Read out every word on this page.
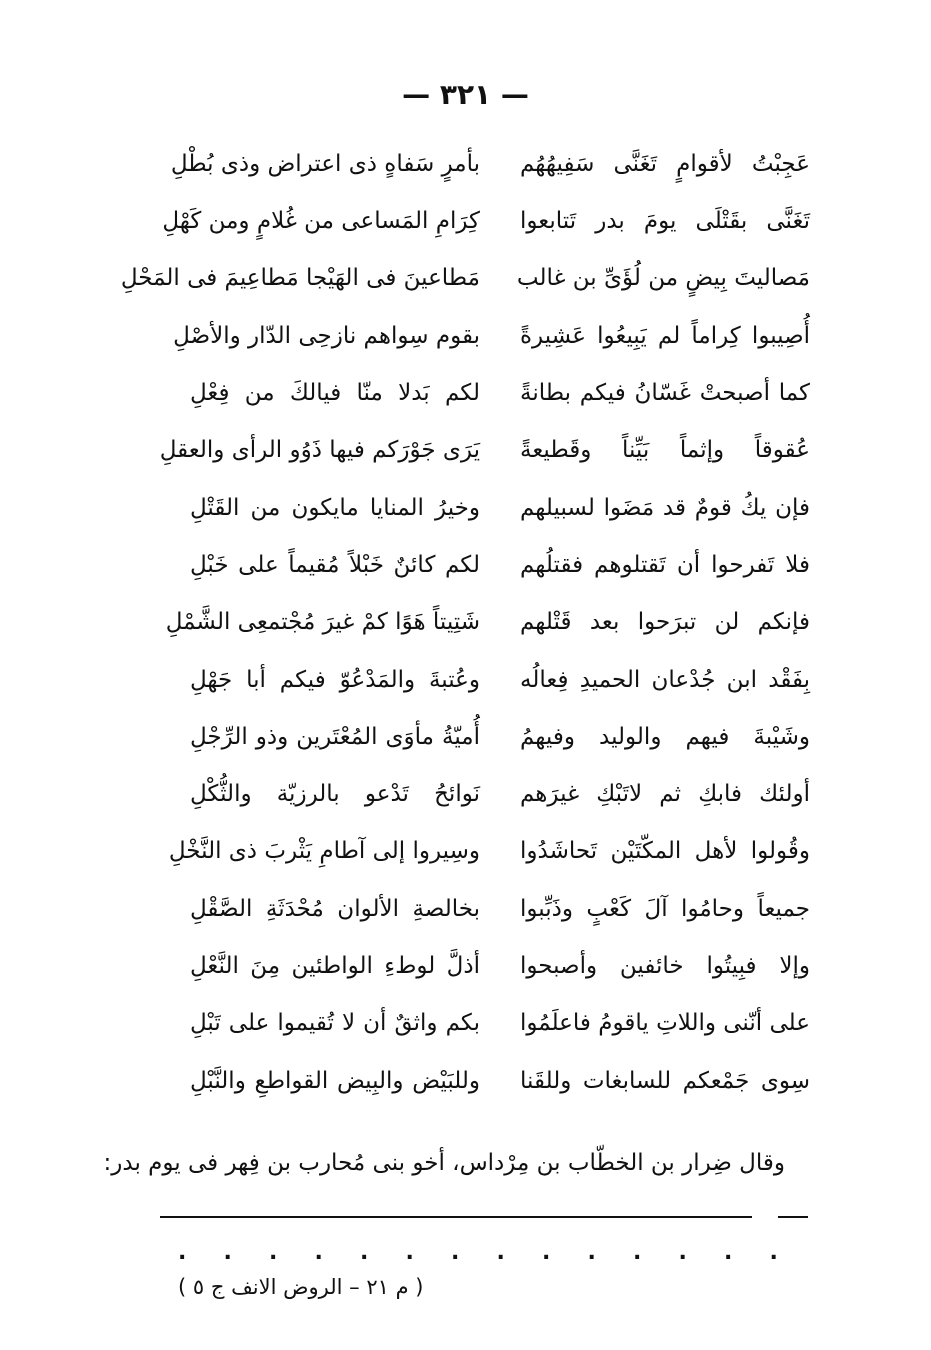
— ٣٢١ —
عَجِبْتُ لأقوامٍ تَغَنَّى سَفِيهُهُم
بأمرٍ سَفاهٍ ذى اعتراض وذى بُطْلِ
تَغَنَّى بقَتْلَى يومَ بدر تَتابعوا
كِرَامِ المَساعى من غُلامٍ ومن كَهْلِ
مَصاليتَ بِيضٍ من لُؤَىِّ بن غالب
مَطاعينَ فى الهَيْجا مَطاعِيمَ فى المَحْلِ
أُصِيبوا كِراماً لم يَبِيعُوا عَشِيرةً
بقوم سِواهم نازحِى الدّار والأصْلِ
كما أصبحتْ غَسّانُ فيكم بطانةً
لكم بَدلا منّا فيالكَ من فِعْلِ
عُقوقاً وإثماً بَيِّناً وقَطيعةً
يَرَى جَوْرَكم فيها ذَوُو الرأى والعقلِ
فإن يكُ قومٌ قد مَضَوا لسبيلهم
وخيرُ المنايا مايكون من القَتْلِ
فلا تَفرحوا أن تَقتلوهم فقتلُهم
لكم كائنٌ خَبْلاً مُقيماً على خَبْلِ
فإنكم لن تبرَحوا بعد قَتْلهم
شَتِيتاً هَوًا كمْ غيرَ مُجْتمعِى الشَّمْلِ
بِفَقْد ابن جُدْعان الحميدِ فِعالُه
وعُتبةَ والمَدْعُوّ فيكم أبا جَهْلِ
وشَيْبةَ فيهم والوليد وفيهمُ
أُميّةُ مأوَى المُعْتَرين وذو الرِّجْلِ
أولئك فابكِ ثم لاتَبْكِ غيرَهم
نَوائحُ تَدْعو بالرزيّة والثُّكْلِ
وقُولوا لأهل المكّتَيْن تَحاشَدُوا
وسِيروا إلى آطامِ يَثْربَ ذى النَّخْلِ
جميعاً وحامُوا آلَ كَعْبٍ وذَبِّبوا
بخالصةِ الألوان مُحْدَثَةِ الصَّقْلِ
وإلا فبِيتُوا خائفين وأصبحوا
أذلَّ لوطءِ الواطئين مِنَ النَّعْلِ
على أنّنى واللاتِ ياقومُ فاعلَمُوا
بكم واثقٌ أن لا تُقيموا على تَبْلِ
سِوى جَمْعكم للسابغات وللقَنا
وللبَيْض والبِيض القواطعِ والنَّبْلِ
وقال ضِرار بن الخطّاب بن مِرْداس، أخو بنى مُحارب بن فِهر فى يوم بدر:
. . . . . . . . . . . . . .
( م ٢١ – الروض الانف ج ٥ )
